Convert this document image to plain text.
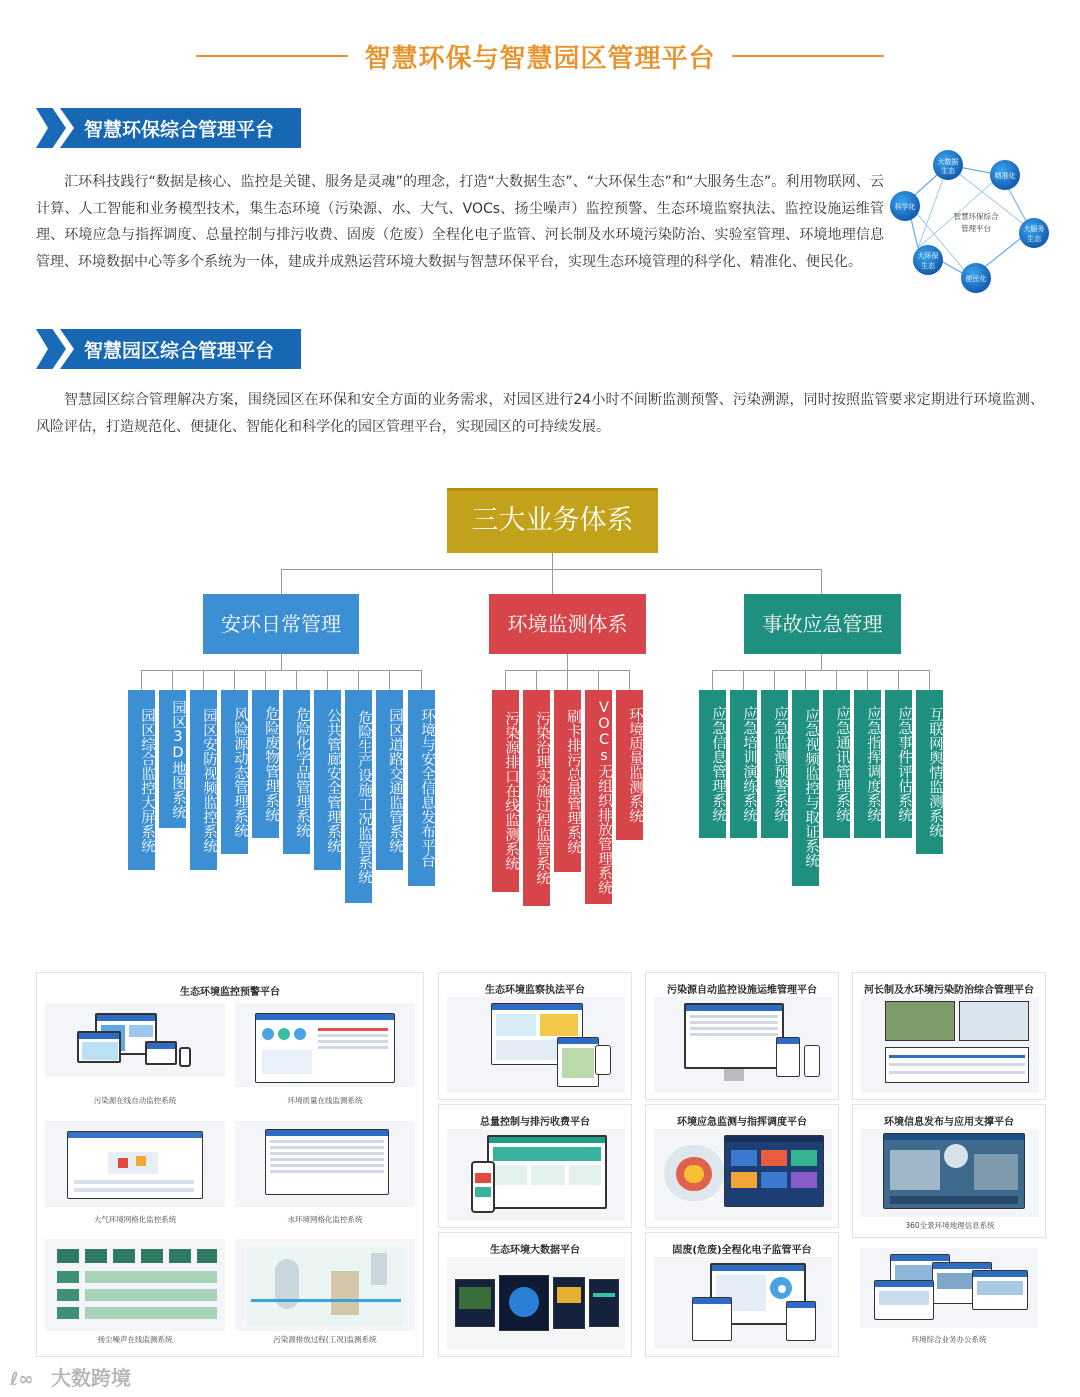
智慧环保与智慧园区管理平台
智慧环保综合管理平台
汇环科技践行“数据是核心、监控是关键、服务是灵魂”的理念，打造“大数据生态”、“大环保生态”和“大服务生态”。利用物联网、云计算、人工智能和业务模型技术，集生态环境（污染源、水、大气、VOCs、扬尘噪声）监控预警、生态环境监察执法、监控设施运维管理、环境应急与指挥调度、总量控制与排污收费、固废（危废）全程化电子监管、河长制及水环境污染防治、实验室管理、环境地理信息管理、环境数据中心等多个系统为一体，建成并成熟运营环境大数据与智慧环保平台，实现生态环境管理的科学化、精准化、便民化。
智慧环保综合
管理平台
大数据
生态
精准化
大服务
生态
便民化
大环保
生态
科学化
智慧园区综合管理平台
智慧园区综合管理解决方案，围绕园区在环保和安全方面的业务需求，对园区进行24小时不间断监测预警、污染溯源，同时按照监管要求定期进行环境监测、风险评估，打造规范化、便捷化、智能化和科学化的园区管理平台，实现园区的可持续发展。
三大业务体系
安环日常管理	环境监测体系	事故应急管理
园区综合监控大屏系统	园区3D地图系统	园区安防视频监控系统	风险源动态管理系统	危险废物管理系统	危险化学品管理系统	公共管廊安全管理系统	危险生产设施工况监管系统	园区道路交通监管系统	环境与安全信息发布平台	污染源排口在线监测系统	污染治理实施过程监管系统	刷卡排污总量管理系统	VOCs无组织排放管理系统	环境质量监测系统	应急信息管理系统	应急培训演练系统	应急监测预警系统	应急视频监控与取证系统	应急通讯管理系统	应急指挥调度系统	应急事件评估系统	互联网舆情监测系统
生态环境监控预警平台
污染源在线自动监控系统	环境质量在线监测系统
大气环境网格化监控系统	水环境网格化监控系统
扬尘噪声在线监测系统	污染源排放过程(工况)监测系统
生态环境监察执法平台	污染源自动监控设施运维管理平台	河长制及水环境污染防治综合管理平台
总量控制与排污收费平台	环境应急监测与指挥调度平台	环境信息发布与应用支撑平台
360全景环境地理信息系统
生态环境大数据平台	固废(危废)全程化电子监管平台
环境综合业务办公系统
ℓ∞ 大数跨境
